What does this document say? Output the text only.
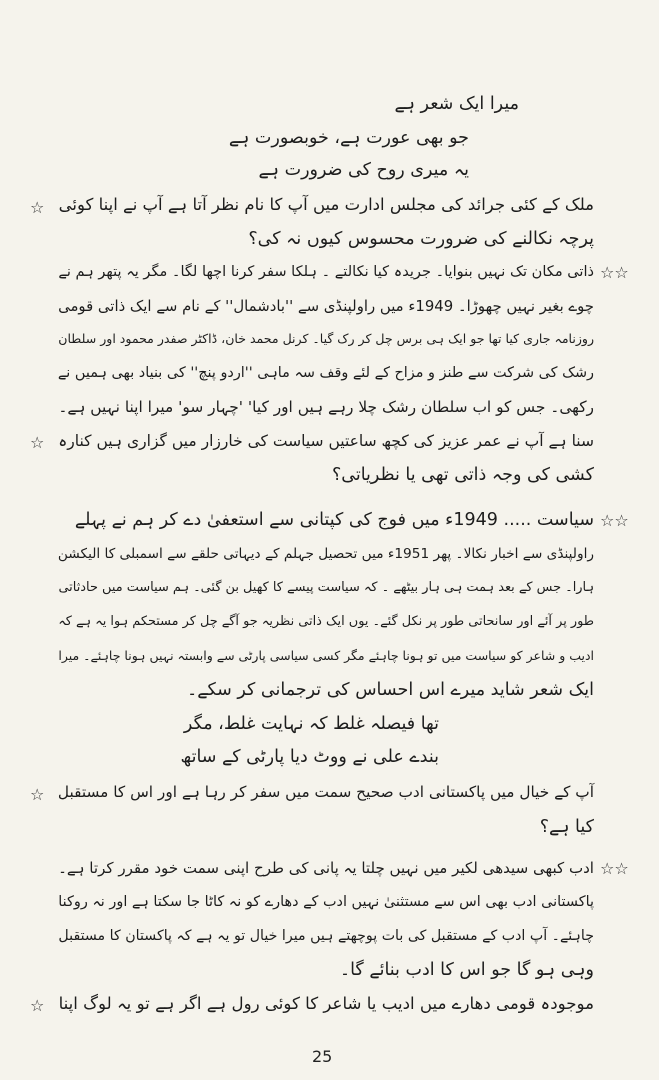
میرا ایک شعر ہے
جو بھی عورت ہے، خوبصورت ہے
یہ میری روح کی ضرورت ہے
☆ ملک کے کئی جرائد کی مجلس ادارت میں آپ کا نام نظر آتا ہے آپ نے اپنا کوئی
پرچہ نکالنے کی ضرورت محسوس کیوں نہ کی؟
☆☆
ذاتی مکان تک نہیں بنوایا۔ جریدہ کیا نکالتے ۔ ہلکا سفر کرنا اچھا لگا۔ مگر یہ پتھر ہم نے
چوے بغیر نہیں چھوڑا۔ 1949ء میں راولپنڈی سے ''بادشمال'' کے نام سے ایک ذاتی قومی
روزنامہ جاری کیا تھا جو ایک ہی برس چل کر رک گیا۔ کرنل محمد خان، ڈاکٹر صفدر محمود اور سلطان
رشک کی شرکت سے طنز و مزاح کے لئے وقف سہ ماہی ''اردو پنچ'' کی بنیاد بھی ہمیں نے
رکھی۔ جس کو اب سلطان رشک چلا رہے ہیں اور کیا' 'چہار سو' میرا اپنا نہیں ہے۔
☆ سنا ہے آپ نے عمر عزیز کی کچھ ساعتیں سیاست کی خارزار میں گزاری ہیں کنارہ
کشی کی وجہ ذاتی تھی یا نظریاتی؟
☆☆
سیاست ..... 1949ء میں فوج کی کپتانی سے استعفیٰ دے کر ہم نے پہلے
راولپنڈی سے اخبار نکالا۔ پھر 1951ء میں تحصیل جہلم کے دیہاتی حلقے سے اسمبلی کا الیکشن
ہارا۔ جس کے بعد ہمت ہی ہار بیٹھے ۔ کہ سیاست پیسے کا کھیل بن گئی۔ ہم سیاست میں حادثاتی
طور پر آئے اور سانحاتی طور پر نکل گئے۔ یوں ایک ذاتی نظریہ جو آگے چل کر مستحکم ہوا یہ ہے کہ
ادیب و شاعر کو سیاست میں تو ہونا چاہئے مگر کسی سیاسی پارٹی سے وابستہ نہیں ہونا چاہئے۔ میرا
ایک شعر شاید میرے اس احساس کی ترجمانی کر سکے۔
تھا فیصلہ غلط کہ نہایت غلط، مگر
بندے علی نے ووٹ دیا پارٹی کے ساتھ
☆ آپ کے خیال میں پاکستانی ادب صحیح سمت میں سفر کر رہا ہے اور اس کا مستقبل
کیا ہے؟
☆☆
ادب کبھی سیدھی لکیر میں نہیں چلتا یہ پانی کی طرح اپنی سمت خود مقرر کرتا ہے۔
پاکستانی ادب بھی اس سے مستثنیٰ نہیں ادب کے دھارے کو نہ کاٹا جا سکتا ہے اور نہ روکنا
چاہئے۔ آپ ادب کے مستقبل کی بات پوچھتے ہیں میرا خیال تو یہ ہے کہ پاکستان کا مستقبل
وہی ہو گا جو اس کا ادب بنائے گا۔
☆ موجودہ قومی دھارے میں ادیب یا شاعر کا کوئی رول ہے اگر ہے تو یہ لوگ اپنا
25
